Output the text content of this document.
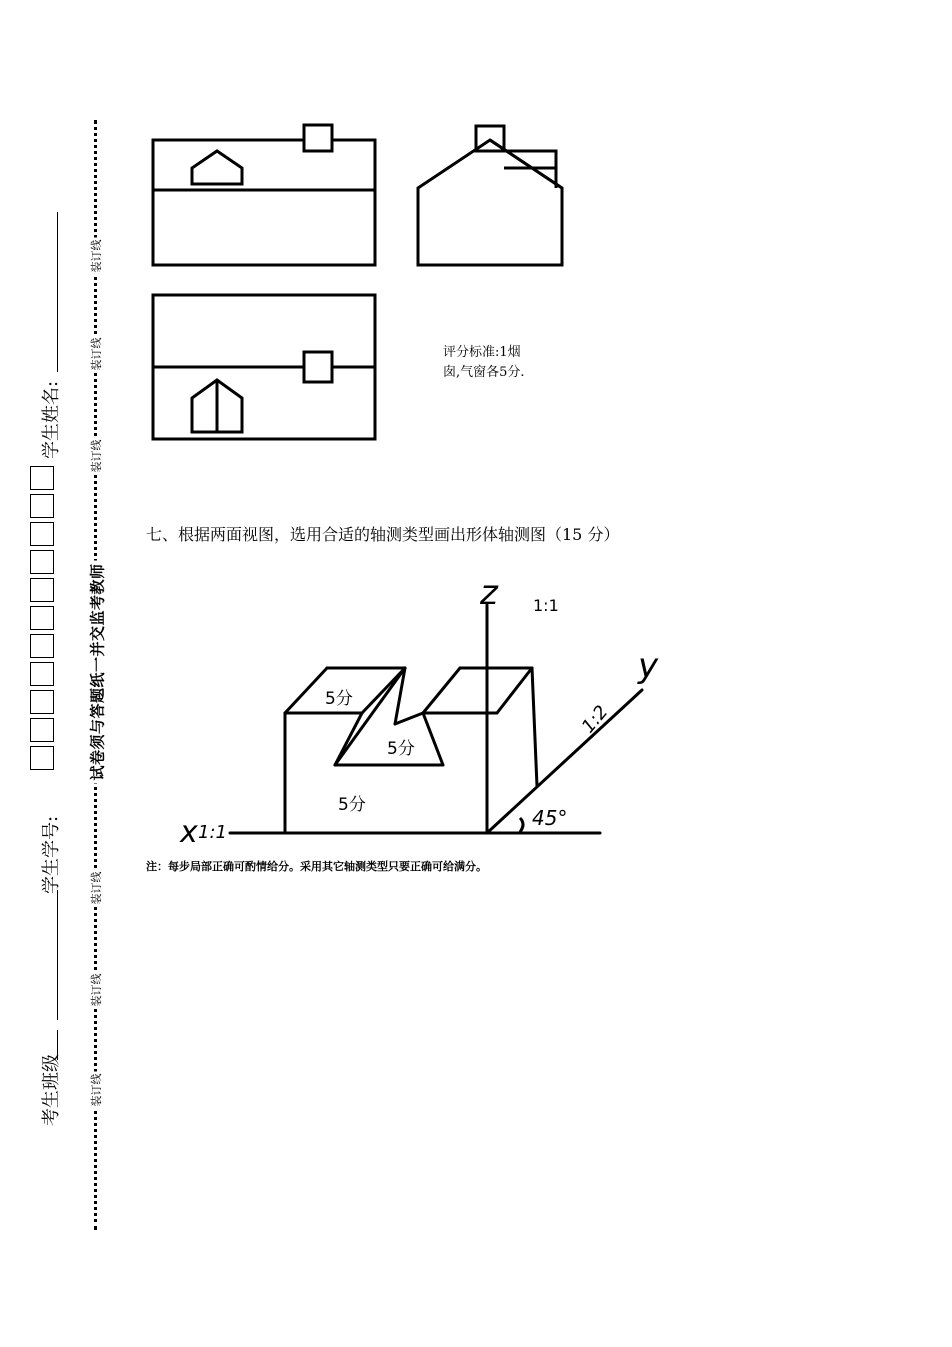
装订线
装订线
装订线
试卷须与答题纸一并交监考教师
装订线
装订线
装订线
学生姓名:
学生学号:
考生班级
评分标准:1烟
囱,气窗各5分.
七、根据两面视图，选用合适的轴测类型画出形体轴测图（15 分）
z 1:1
y
1:2
x 1:1
45°
5分
5分
5分
注：每步局部正确可酌情给分。采用其它轴测类型只要正确可给满分。
